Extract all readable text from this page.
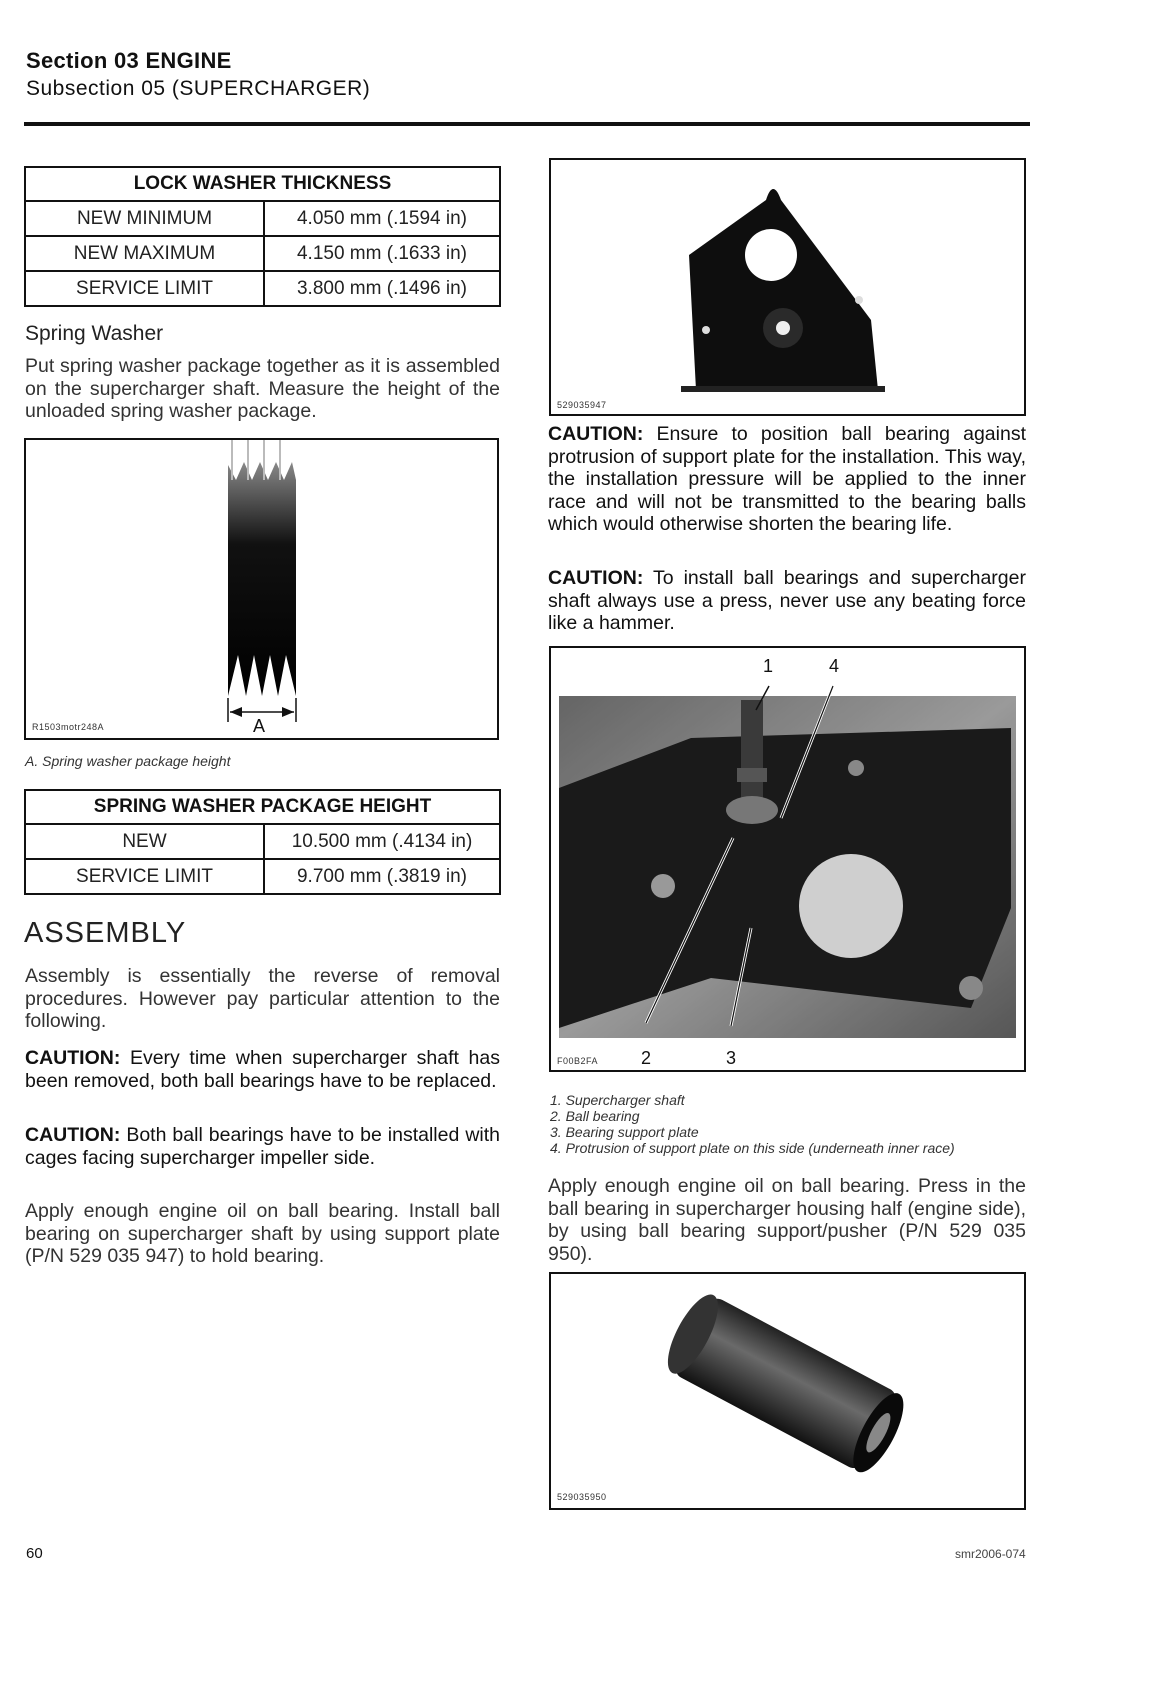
Section 03 ENGINE
Subsection 05 (SUPERCHARGER)
LOCK WASHER THICKNESS	
NEW MINIMUM	4.050 mm (.1594 in)
NEW MAXIMUM	4.150 mm (.1633 in)
SERVICE LIMIT	3.800 mm (.1496 in)
Spring Washer
Put spring washer package together as it is assembled on the supercharger shaft. Measure the height of the unloaded spring washer package.
A
R1503motr248A
A. Spring washer package height
SPRING WASHER PACKAGE HEIGHT	
NEW	10.500 mm (.4134 in)
SERVICE LIMIT	9.700 mm (.3819 in)
ASSEMBLY
Assembly is essentially the reverse of removal procedures. However pay particular attention to the following.
CAUTION: Every time when supercharger shaft has been removed, both ball bearings have to be replaced.
CAUTION: Both ball bearings have to be installed with cages facing supercharger impeller side.
Apply enough engine oil on ball bearing. Install ball bearing on supercharger shaft by using support plate (P/N 529 035 947) to hold bearing.
529035947
CAUTION: Ensure to position ball bearing against protrusion of support plate for the installation. This way, the installation pressure will be applied to the inner race and will not be transmitted to the bearing balls which would otherwise shorten the bearing life.
CAUTION: To install ball bearings and supercharger shaft always use a press, never use any beating force like a hammer.
1	4
2	3
F00B2FA
1. Supercharger shaft
2. Ball bearing
3. Bearing support plate
4. Protrusion of support plate on this side (underneath inner race)
Apply enough engine oil on ball bearing. Press in the ball bearing in supercharger housing half (engine side), by using ball bearing support/pusher (P/N 529 035 950).
529035950
60	smr2006-074
